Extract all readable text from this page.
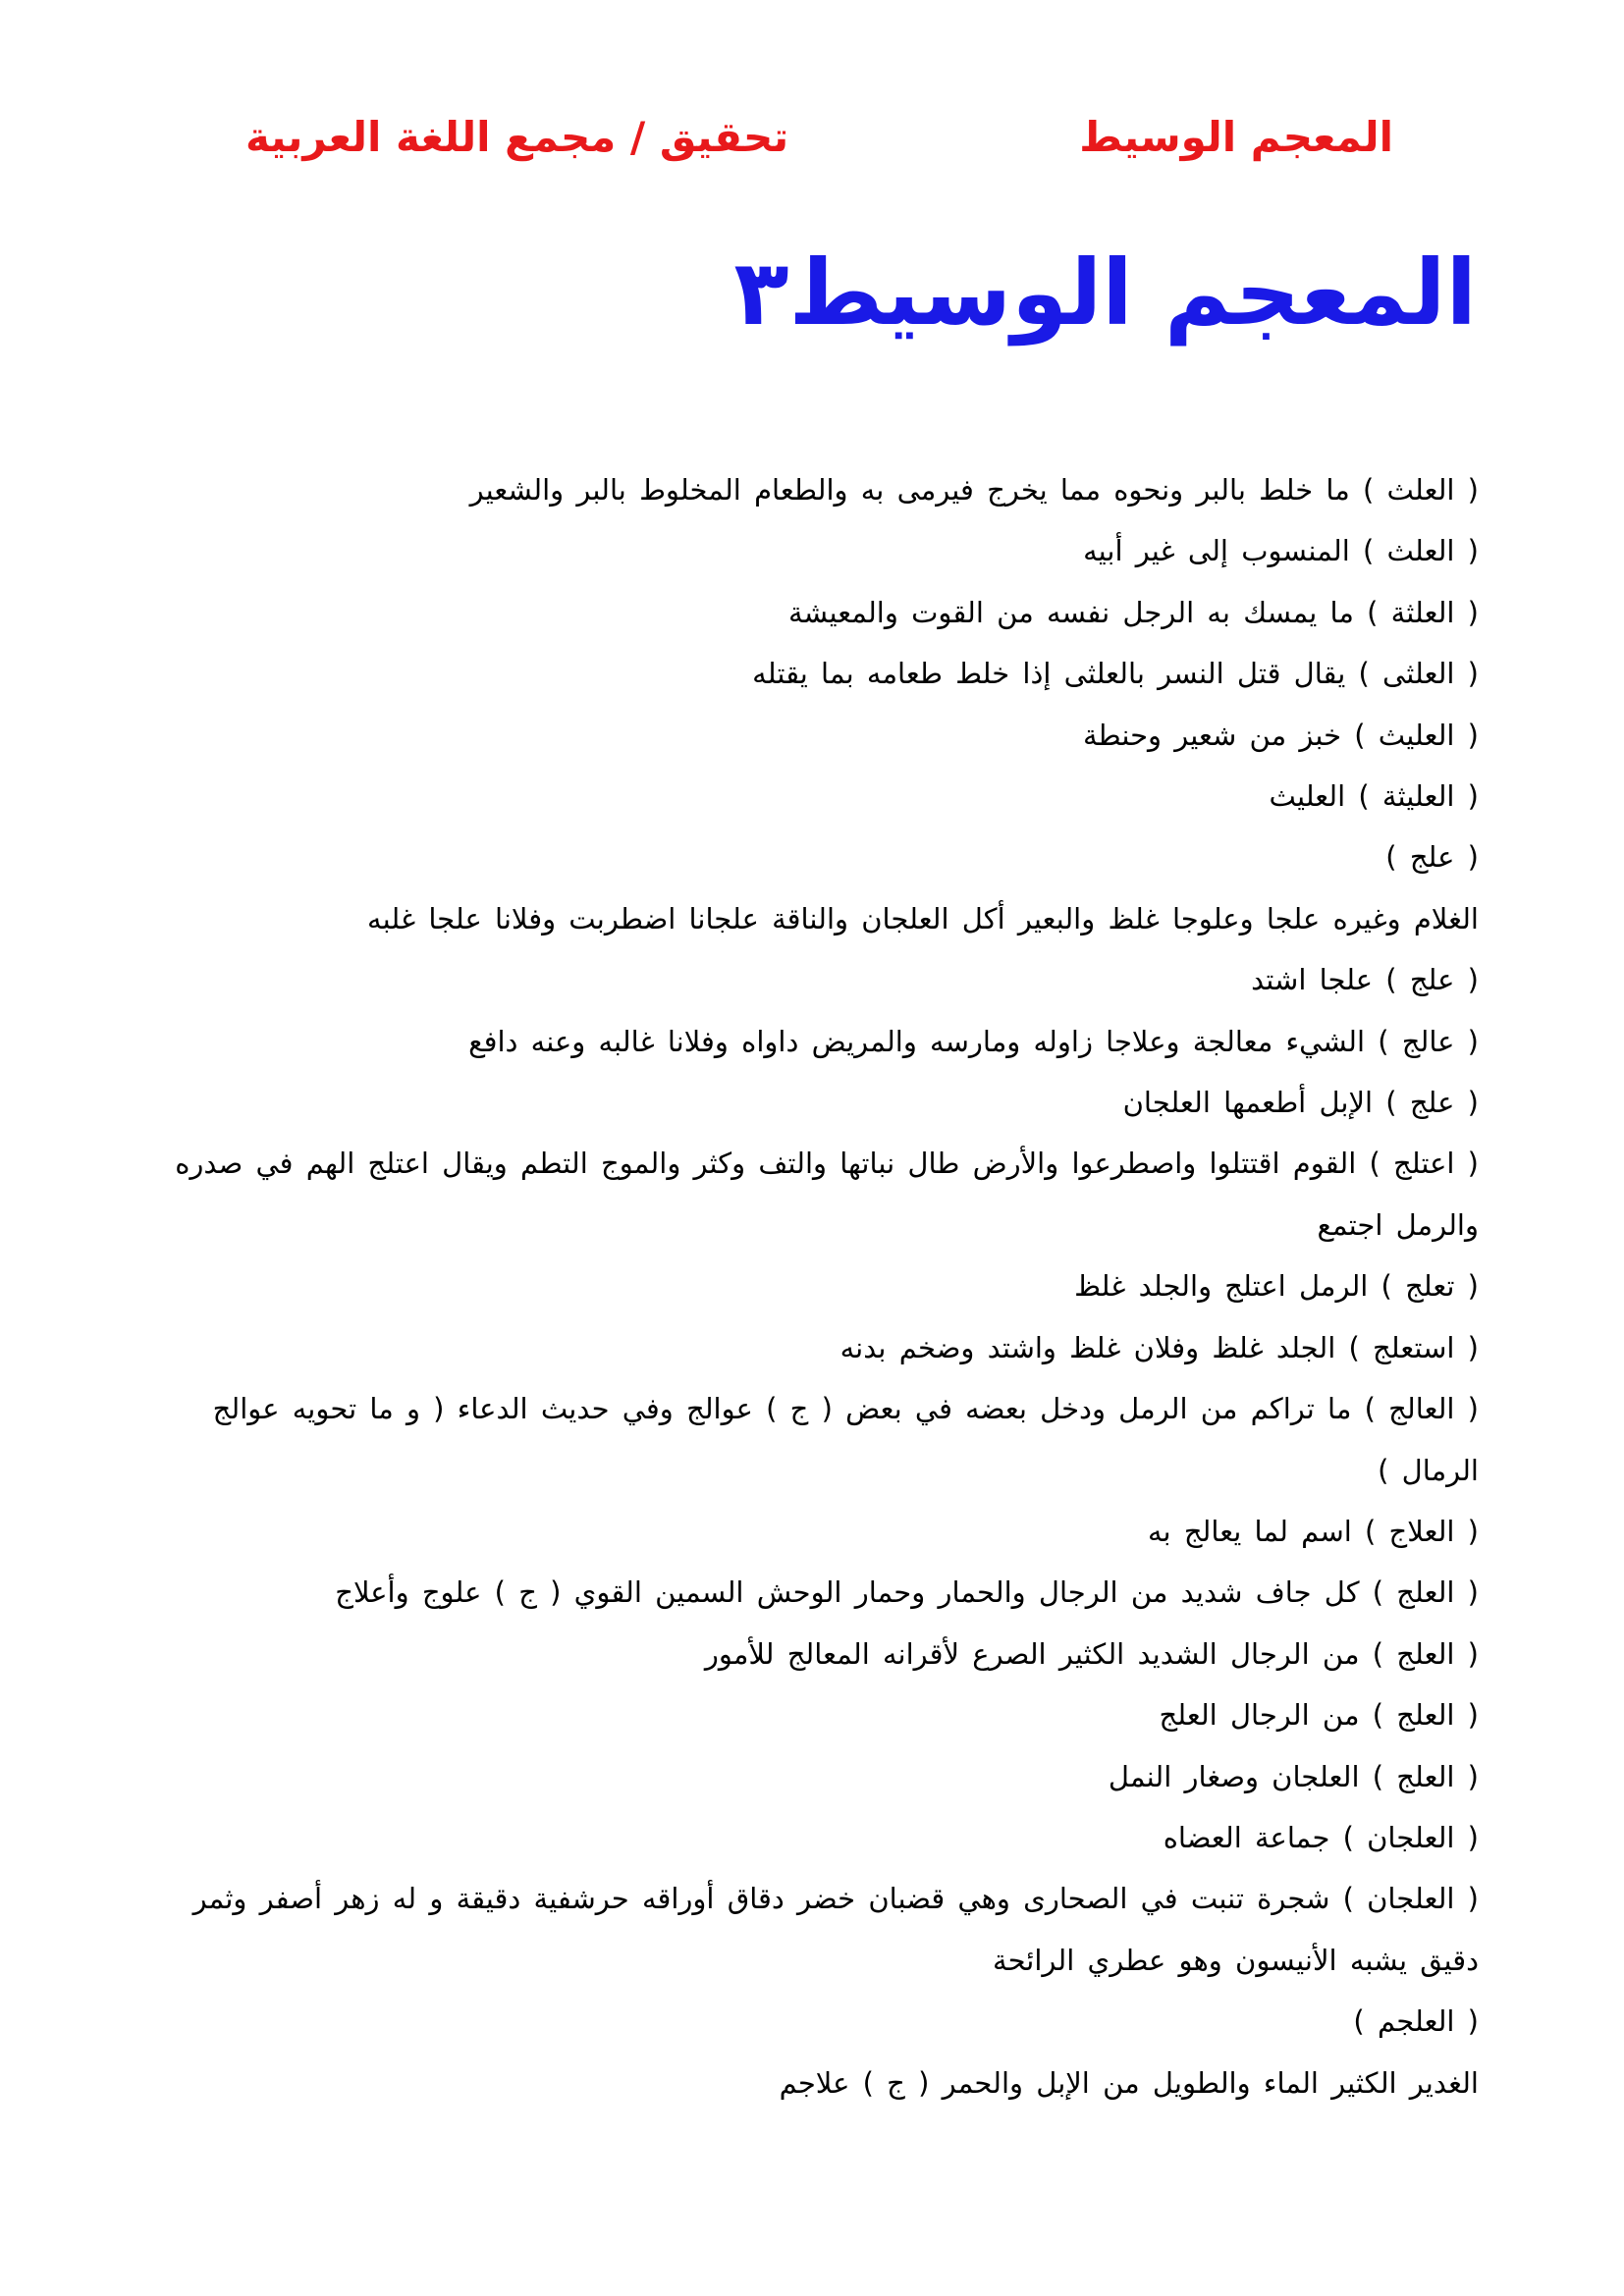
المعجم الوسيط
تحقيق / مجمع اللغة العربية
المعجم الوسيط٣

( العلث ) ما خلط بالبر ونحوه مما يخرج فيرمى به والطعام المخلوط بالبر والشعير

( العلث ) المنسوب إلى غير أبيه

( العلثة ) ما يمسك به الرجل نفسه من القوت والمعيشة

( العلثى ) يقال قتل النسر بالعلثى إذا خلط طعامه بما يقتله

( العليث ) خبز من شعير وحنطة

( العليثة ) العليث

( علج )

الغلام وغيره علجا وعلوجا غلظ والبعير أكل العلجان والناقة علجانا اضطربت وفلانا علجا غلبه

( علج ) علجا اشتد

( عالج ) الشيء معالجة وعلاجا زاوله ومارسه والمريض داواه وفلانا غالبه وعنه دافع

( علج ) الإبل أطعمها العلجان

( اعتلج ) القوم اقتتلوا واصطرعوا والأرض طال نباتها والتف وكثر والموج التطم ويقال اعتلج الهم في صدره والرمل اجتمع

( تعلج ) الرمل اعتلج والجلد غلظ

( استعلج ) الجلد غلظ وفلان غلظ واشتد وضخم بدنه

( العالج ) ما تراكم من الرمل ودخل بعضه في بعض ( ج ) عوالج وفي حديث الدعاء ( و ما تحويه عوالج الرمال )

( العلاج ) اسم لما يعالج به

( العلج ) كل جاف شديد من الرجال والحمار وحمار الوحش السمين القوي ( ج ) علوج وأعلاج

( العلج ) من الرجال الشديد الكثير الصرع لأقرانه المعالج للأمور

( العلج ) من الرجال العلج

( العلج ) العلجان وصغار النمل

( العلجان ) جماعة العضاه

( العلجان ) شجرة تنبت في الصحارى وهي قضبان خضر دقاق أوراقه حرشفية دقيقة و له زهر أصفر وثمر دقيق يشبه الأنيسون وهو عطري الرائحة

( العلجم )

الغدير الكثير الماء والطويل من الإبل والحمر ( ج ) علاجم
